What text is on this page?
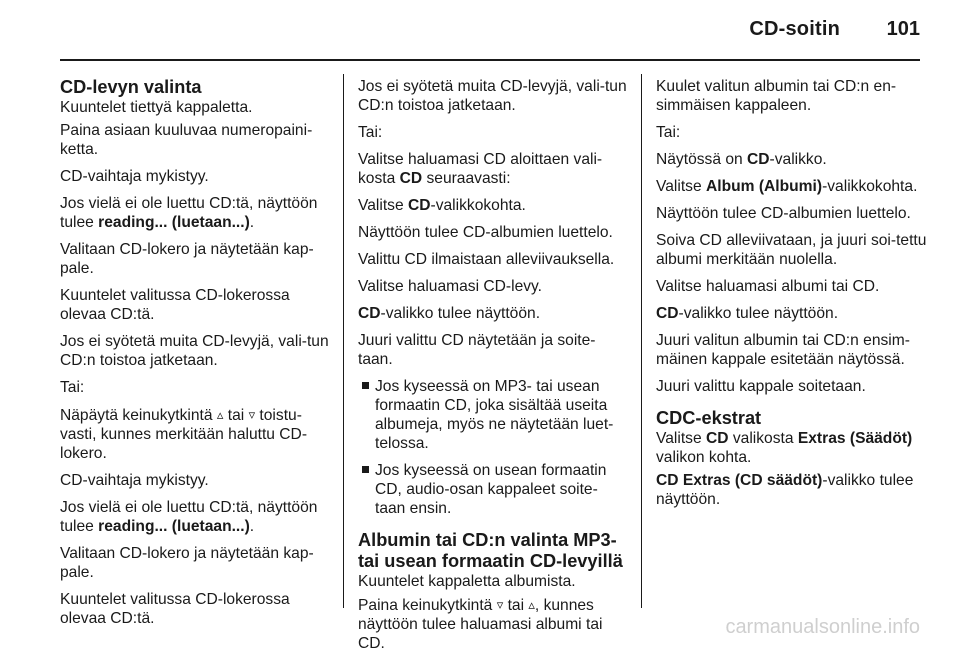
CD-soitin 101
CD-levyn valinta
Kuuntelet tiettyä kappaletta.
Paina asiaan kuuluvaa numeropaini-ketta.
CD-vaihtaja mykistyy.
Jos vielä ei ole luettu CD:tä, näyttöön tulee reading... (luetaan...).
Valitaan CD-lokero ja näytetään kap-pale.
Kuuntelet valitussa CD-lokerossa olevaa CD:tä.
Jos ei syötetä muita CD-levyjä, vali-tun CD:n toistoa jatketaan.
Tai:
Näpäytä keinukytkintä ▵ tai ▿ toistu-vasti, kunnes merkitään haluttu CD-lokero.
CD-vaihtaja mykistyy.
Jos vielä ei ole luettu CD:tä, näyttöön tulee reading... (luetaan...).
Valitaan CD-lokero ja näytetään kap-pale.
Kuuntelet valitussa CD-lokerossa olevaa CD:tä.
Jos ei syötetä muita CD-levyjä, vali-tun CD:n toistoa jatketaan.
Tai:
Valitse haluamasi CD aloittaen vali-kosta CD seuraavasti:
Valitse CD-valikkokohta.
Näyttöön tulee CD-albumien luettelo.
Valittu CD ilmaistaan alleviivauksella.
Valitse haluamasi CD-levy.
CD-valikko tulee näyttöön.
Juuri valittu CD näytetään ja soite-taan.
Jos kyseessä on MP3- tai usean formaatin CD, joka sisältää useita albumeja, myös ne näytetään luet-telossa.
Jos kyseessä on usean formaatin CD, audio-osan kappaleet soite-taan ensin.
Albumin tai CD:n valinta MP3- tai usean formaatin CD-levyillä
Kuuntelet kappaletta albumista.
Paina keinukytkintä ▿ tai ▵, kunnes näyttöön tulee haluamasi albumi tai CD.
Kuulet valitun albumin tai CD:n en-simmäisen kappaleen.
Tai:
Näytössä on CD-valikko.
Valitse Album (Albumi)-valikkokohta.
Näyttöön tulee CD-albumien luettelo.
Soiva CD alleviivataan, ja juuri soi-tettu albumi merkitään nuolella.
Valitse haluamasi albumi tai CD.
CD-valikko tulee näyttöön.
Juuri valitun albumin tai CD:n ensim-mäinen kappale esitetään näytössä.
Juuri valittu kappale soitetaan.
CDC-ekstrat
Valitse CD valikosta Extras (Säädöt) valikon kohta.
CD Extras (CD säädöt)-valikko tulee näyttöön.
carmanualsonline.info
